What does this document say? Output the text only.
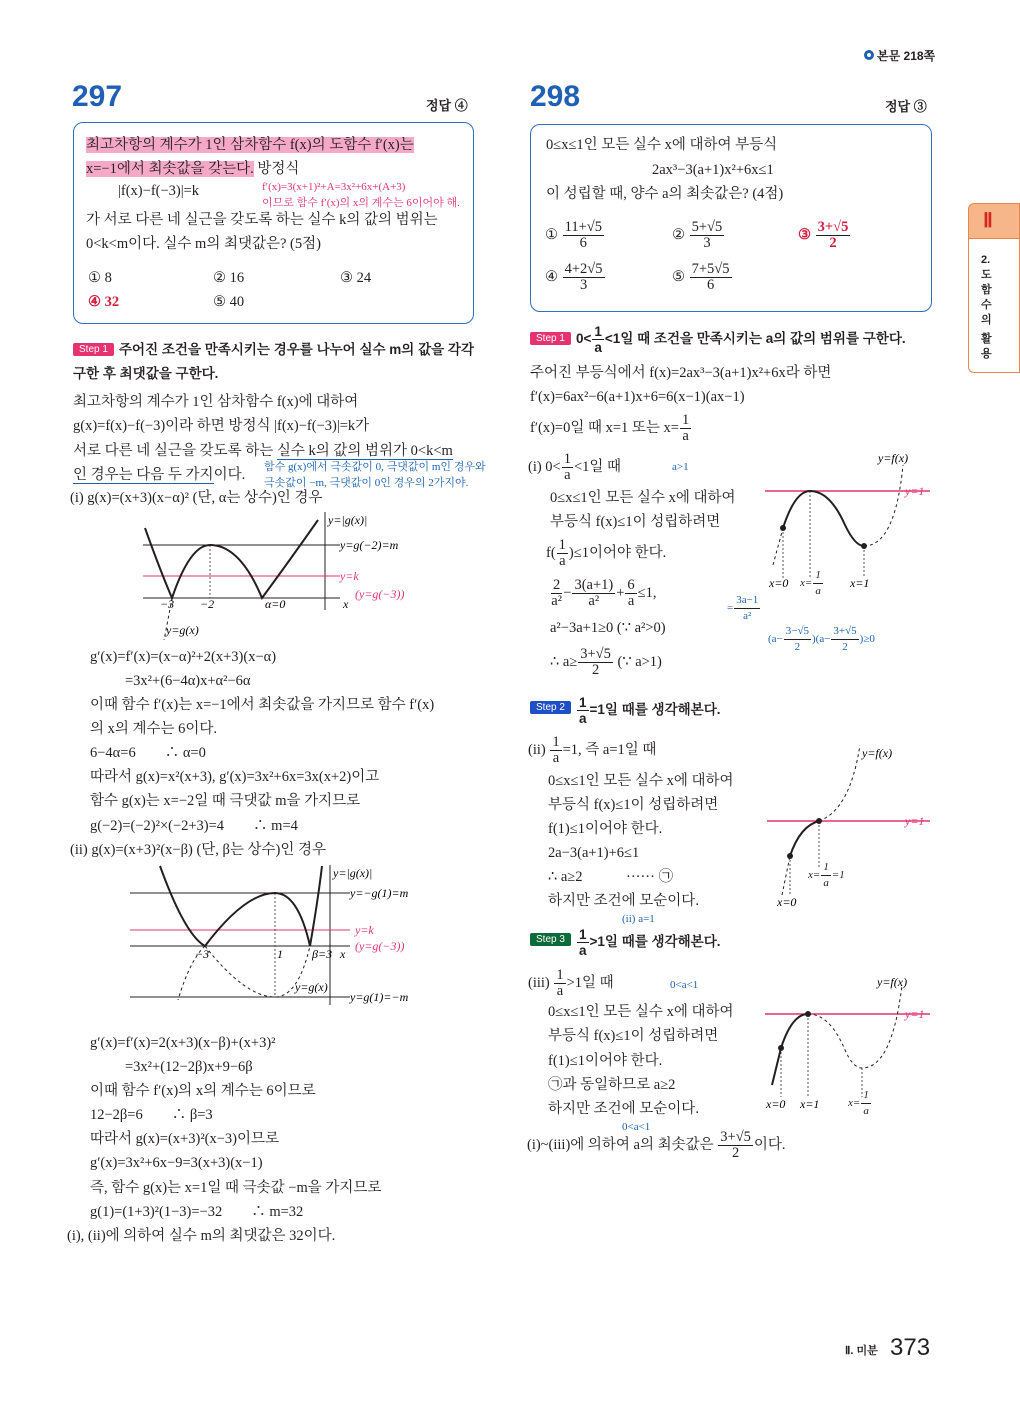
본문 218쪽
297	정답 ④
최고차항의 계수가 1인 삼차함수 f(x)의 도함수 f′(x)는
x=−1에서 최솟값을 갖는다. 방정식
|f(x)−f(−3)|=k	f′(x)=3(x+1)²+A=3x²+6x+(A+3)
이므로 함수 f′(x)의 x의 계수는 6이어야 해.
가 서로 다른 네 실근을 갖도록 하는 실수 k의 값의 범위는
0<k<m이다. 실수 m의 최댓값은? (5점)
① 8	② 16	③ 24
④ 32	⑤ 40
Step 1 주어진 조건을 만족시키는 경우를 나누어 실수 m의 값을 각각
구한 후 최댓값을 구한다.
최고차항의 계수가 1인 삼차함수 f(x)에 대하여
g(x)=f(x)−f(−3)이라 하면 방정식 |f(x)−f(−3)|=k가
서로 다른 네 실근을 갖도록 하는 실수 k의 값의 범위가 0<k<m
인 경우는 다음 두 가지이다. 함수 g(x)에서 극솟값이 0, 극댓값이 m인 경우와
극솟값이 −m, 극댓값이 0인 경우의 2가지야.
(i) g(x)=(x+3)(x−α)² (단, α는 상수)인 경우
y=|g(x)|
y=g(−2)=m
y=k
(y=g(−3))
−3 −2	α=0	x
y=g(x)
y=|g(x)|
y=−g(1)=m
y=k
(y=g(−3))
−3	1 β=3 x
y=g(x)
y=g(1)=−m
g′(x)=f′(x)=(x−α)²+2(x+3)(x−α)
=3x²+(6−4α)x+α²−6α
이때 함수 f′(x)는 x=−1에서 최솟값을 가지므로 함수 f′(x)
의 x의 계수는 6이다.
6−4α=6　　∴ α=0
따라서 g(x)=x²(x+3), g′(x)=3x²+6x=3x(x+2)이고
함수 g(x)는 x=−2일 때 극댓값 m을 가지므로
g(−2)=(−2)²×(−2+3)=4　　∴ m=4
(ii) g(x)=(x+3)²(x−β) (단, β는 상수)인 경우
g′(x)=f′(x)=2(x+3)(x−β)+(x+3)²
=3x²+(12−2β)x+9−6β
이때 함수 f′(x)의 x의 계수는 6이므로
12−2β=6　　∴ β=3
따라서 g(x)=(x+3)²(x−3)이므로
g′(x)=3x²+6x−9=3(x+3)(x−1)
즉, 함수 g(x)는 x=1일 때 극솟값 −m을 가지므로
g(1)=(1+3)²(1−3)=−32　　∴ m=32
(i), (ii)에 의하여 실수 m의 최댓값은 32이다.
298	정답 ③
0≤x≤1인 모든 실수 x에 대하여 부등식
2ax³−3(a+1)x²+6x≤1
이 성립할 때, 양수 a의 최솟값은? (4점)
① $\frac{11+√5}{6}$	② $\frac{5+√5}{3}$	③ $\frac{3+√5}{2}$
④ $\frac{4+2√5}{3}$	⑤ $\frac{7+5√5}{6}$
Step 1 $0< \frac{1}{a} <1$일 때 조건을 만족시키는 a의 값의 범위를 구한다.
주어진 부등식에서 f(x)=2ax³−3(a+1)x²+6x라 하면
f′(x)=6ax²−6(a+1)x+6=6(x−1)(ax−1)
f′(x)=0일 때 x=1 또는 $x= \frac{1}{a}$
(i) $0< \frac{1}{a} <1$일 때	a>1
0≤x≤1인 모든 실수 x에 대하여
부등식 f(x)≤1이 성립하려면
$f( \frac{1}{a} )\le 1$이어야 한다.
$\frac{2}{\text{a²}} - \frac{3(a+1)}{\text{a²}} + \frac{6}{a} \le 1$,
= $\frac{3a-1}{\text{a²}}$
a²−3a+1≥0 (∵ a²>0)
$(a- \frac{3-√5}{2} )(a- \frac{3+√5}{2} )\ge 0$
∴ $a\ge \frac{3+√5}{2}$ (∵ a>1)
Step $2 \frac{1}{a} =1$일 때를 생각해본다.
$(ii) \frac{1}{a} =1$, 즉 a=1일 때
0≤x≤1인 모든 실수 x에 대하여
부등식 f(x)≤1이 성립하려면
f(1)≤1이어야 한다.
2a−3(a+1)+6≤1
∴ a≥2　　　······ ㉠
하지만 조건에 모순이다.
(ii) a=1
Step $3 \frac{1}{a} >1$일 때를 생각해본다.
$(iii) \frac{1}{a} >1$일 때	0<a<1
0≤x≤1인 모든 실수 x에 대하여
부등식 f(x)≤1이 성립하려면
f(1)≤1이어야 한다.
㉠과 동일하므로 a≥2
하지만 조건에 모순이다.
0<a<1
(i)~(iii)에 의하여 a의 최솟값은 $\frac{3+√5}{2}$ 이다.
y=f(x)
y=1
x=0	x=1
$x= \frac{1}{a}$
y=f(x)
y=1
x=0
$x= \frac{1}{a} =1$
y=f(x)
y=1
x=0 x=1	$x= \frac{1}{a}$
Ⅱ
2.
도
함
수
의
활
용
Ⅱ. 미분 373
